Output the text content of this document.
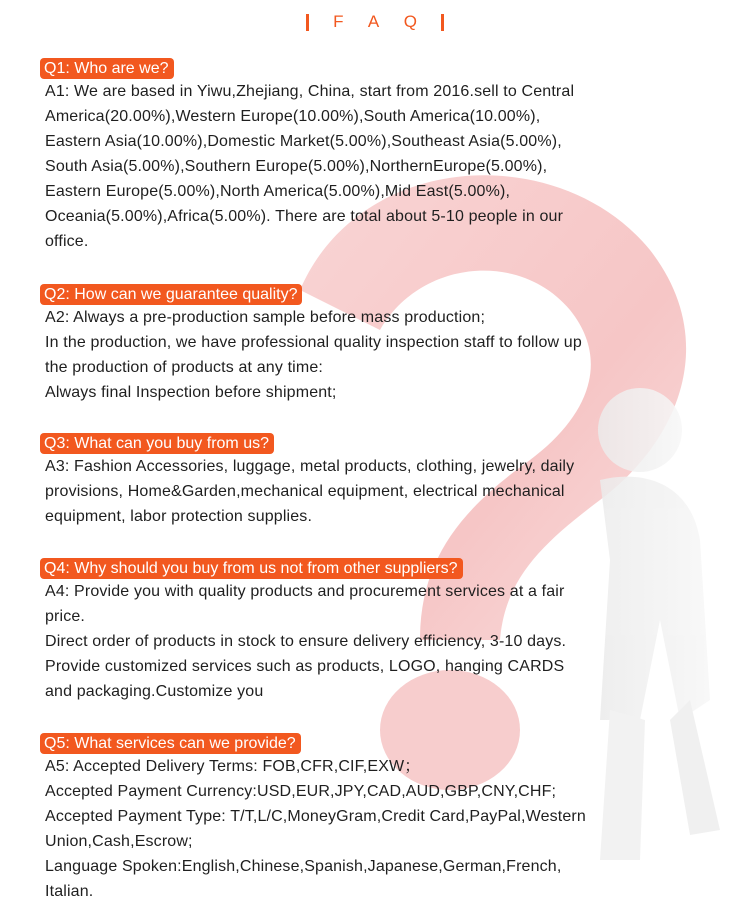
F A Q
Q1: Who are we?
A1: We are based in Yiwu,Zhejiang, China, start from 2016.sell to Central
America(20.00%),Western Europe(10.00%),South America(10.00%),
Eastern Asia(10.00%),Domestic Market(5.00%),Southeast Asia(5.00%),
South Asia(5.00%),Southern Europe(5.00%),NorthernEurope(5.00%),
Eastern Europe(5.00%),North America(5.00%),Mid East(5.00%),
Oceania(5.00%),Africa(5.00%). There are total about 5-10 people in our
office.
Q2: How can we guarantee quality?
A2: Always a pre-production sample before mass production;
In the production, we have professional quality inspection staff to follow up
the production of products at any time:
Always final Inspection before shipment;
Q3: What can you buy from us?
A3: Fashion Accessories, luggage, metal products, clothing, jewelry, daily
provisions, Home&Garden,mechanical equipment, electrical mechanical
equipment, labor protection supplies.
Q4: Why should you buy from us not from other suppliers?
A4: Provide you with quality products and procurement services at a fair
price.
Direct order of products in stock to ensure delivery efficiency, 3-10 days.
Provide customized services such as products, LOGO, hanging CARDS
and packaging.Customize you
Q5: What services can we provide?
A5: Accepted Delivery Terms: FOB,CFR,CIF,EXW；
Accepted Payment Currency:USD,EUR,JPY,CAD,AUD,GBP,CNY,CHF;
Accepted Payment Type: T/T,L/C,MoneyGram,Credit Card,PayPal,Western
Union,Cash,Escrow;
Language Spoken:English,Chinese,Spanish,Japanese,German,French,
Italian.
